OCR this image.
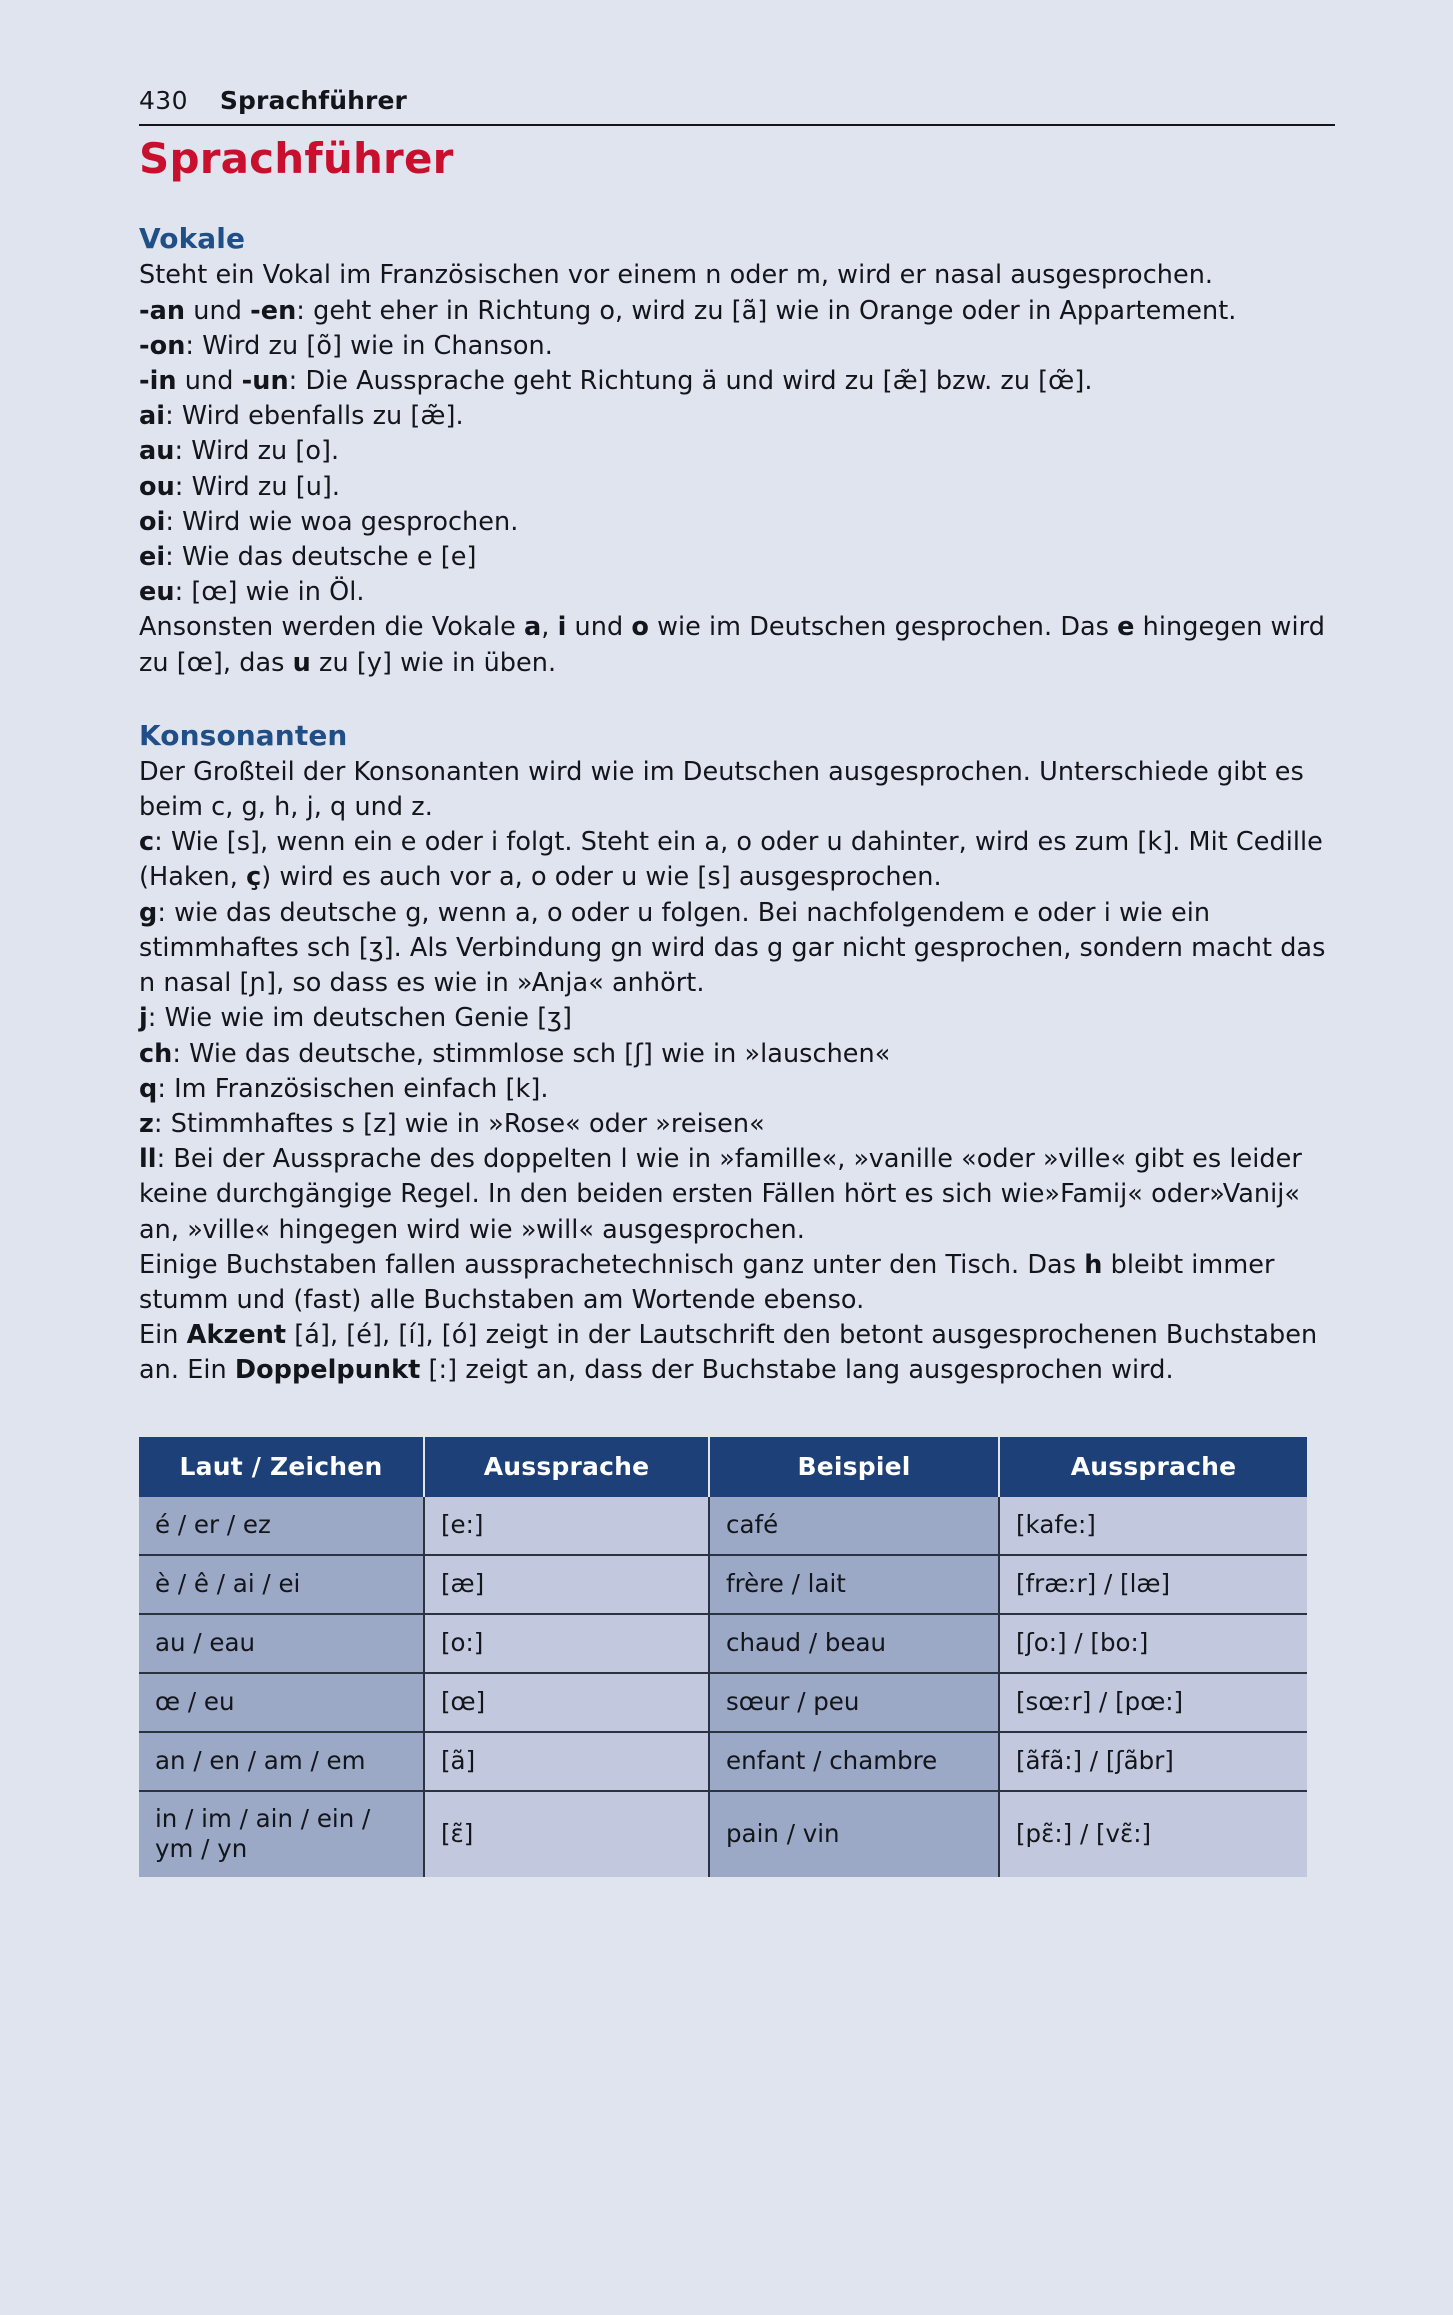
430 Sprachführer
Sprachführer
Vokale

Steht ein Vokal im Französischen vor einem n oder m, wird er nasal ausgesprochen.

-an und -en: geht eher in Richtung o, wird zu [ã] wie in Orange oder in Appartement.

-on: Wird zu [õ] wie in Chanson.

-in und -un: Die Aussprache geht Richtung ä und wird zu [æ̃] bzw. zu [œ̃].

ai: Wird ebenfalls zu [æ̃].

au: Wird zu [o].

ou: Wird zu [u].

oi: Wird wie woa gesprochen.

ei: Wie das deutsche e [e]

eu: [œ] wie in Öl.

Ansonsten werden die Vokale a, i und o wie im Deutschen gesprochen. Das e hingegen wird zu [œ], das u zu [y] wie in üben.

Konsonanten

Der Großteil der Konsonanten wird wie im Deutschen ausgesprochen. Unterschiede gibt es beim c, g, h, j, q und z.

c: Wie [s], wenn ein e oder i folgt. Steht ein a, o oder u dahinter, wird es zum [k]. Mit Cedille (Haken, ç) wird es auch vor a, o oder u wie [s] ausgesprochen.

g: wie das deutsche g, wenn a, o oder u folgen. Bei nachfolgendem e oder i wie ein stimmhaftes sch [ʒ]. Als Verbindung gn wird das g gar nicht gesprochen, sondern macht das n nasal [ɲ], so dass es wie in »Anja« anhört.

j: Wie wie im deutschen Genie [ʒ]

ch: Wie das deutsche, stimmlose sch [ʃ] wie in »lauschen«

q: Im Französischen einfach [k].

z: Stimmhaftes s [z] wie in »Rose« oder »reisen«

ll: Bei der Aussprache des doppelten l wie in »famille«, »vanille «oder »ville« gibt es leider keine durchgängige Regel. In den beiden ersten Fällen hört es sich wie»Famij« oder»Vanij« an, »ville« hingegen wird wie »will« ausgesprochen.

Einige Buchstaben fallen aussprachetechnisch ganz unter den Tisch. Das h bleibt immer stumm und (fast) alle Buchstaben am Wortende ebenso.

Ein Akzent [á], [é], [í], [ó] zeigt in der Lautschrift den betont ausgesprochenen Buchstaben an. Ein Doppelpunkt [:] zeigt an, dass der Buchstabe lang ausgesprochen wird.

Laut / Zeichen	Aussprache	Beispiel	Aussprache
é / er / ez	[e:]	café	[kafe:]
è / ê / ai / ei	[æ]	frère / lait	[fræːr] / [læ]
au / eau	[o:]	chaud / beau	[ʃo:] / [bo:]
œ / eu	[œ]	sœur / peu	[sœːr] / [pœ:]
an / en / am / em	[ã]	enfant / chambre	[ãfã:] / [ʃãbr]
in / im / ain / ein / ym / yn	[ɛ̃]	pain / vin	[pɛ̃:] / [vɛ̃:]
